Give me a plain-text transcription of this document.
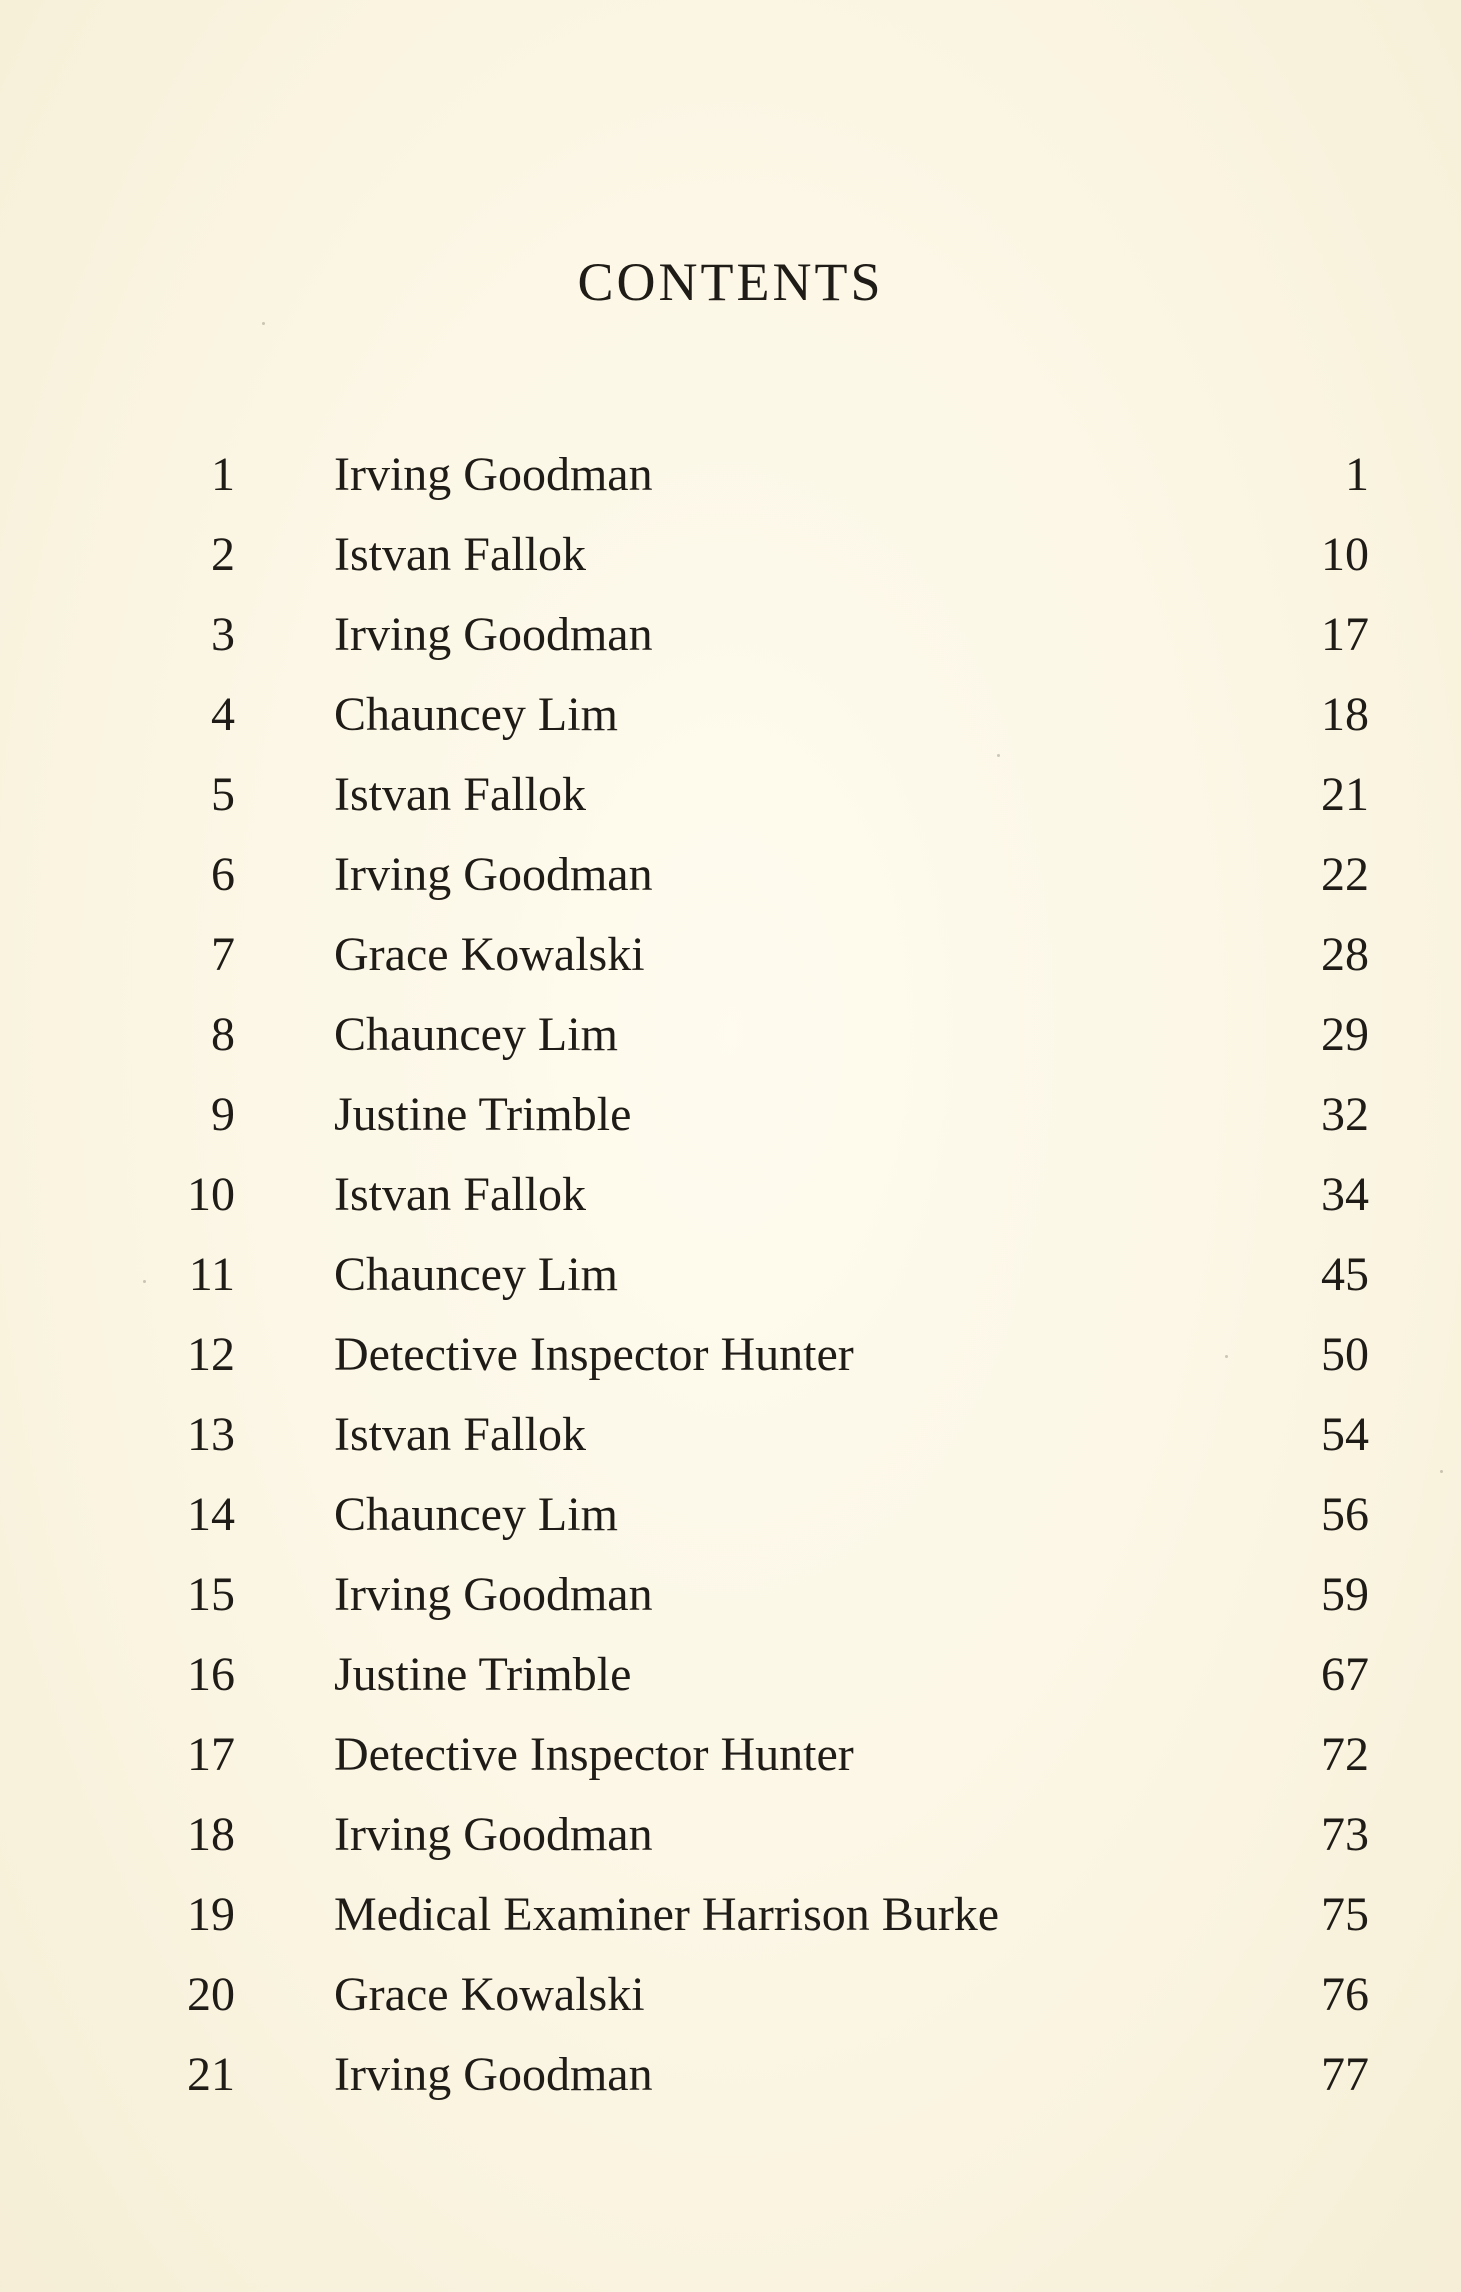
CONTENTS
1 Irving Goodman	1
2 Istvan Fallok	10
3 Irving Goodman	17
4 Chauncey Lim	18
5 Istvan Fallok	21
6 Irving Goodman	22
7 Grace Kowalski	28
8 Chauncey Lim	29
9 Justine Trimble	32
10 Istvan Fallok	34
11 Chauncey Lim	45
12 Detective Inspector Hunter	50
13 Istvan Fallok	54
14 Chauncey Lim	56
15 Irving Goodman	59
16 Justine Trimble	67
17 Detective Inspector Hunter	72
18 Irving Goodman	73
19 Medical Examiner Harrison Burke	75
20 Grace Kowalski	76
21 Irving Goodman	77
